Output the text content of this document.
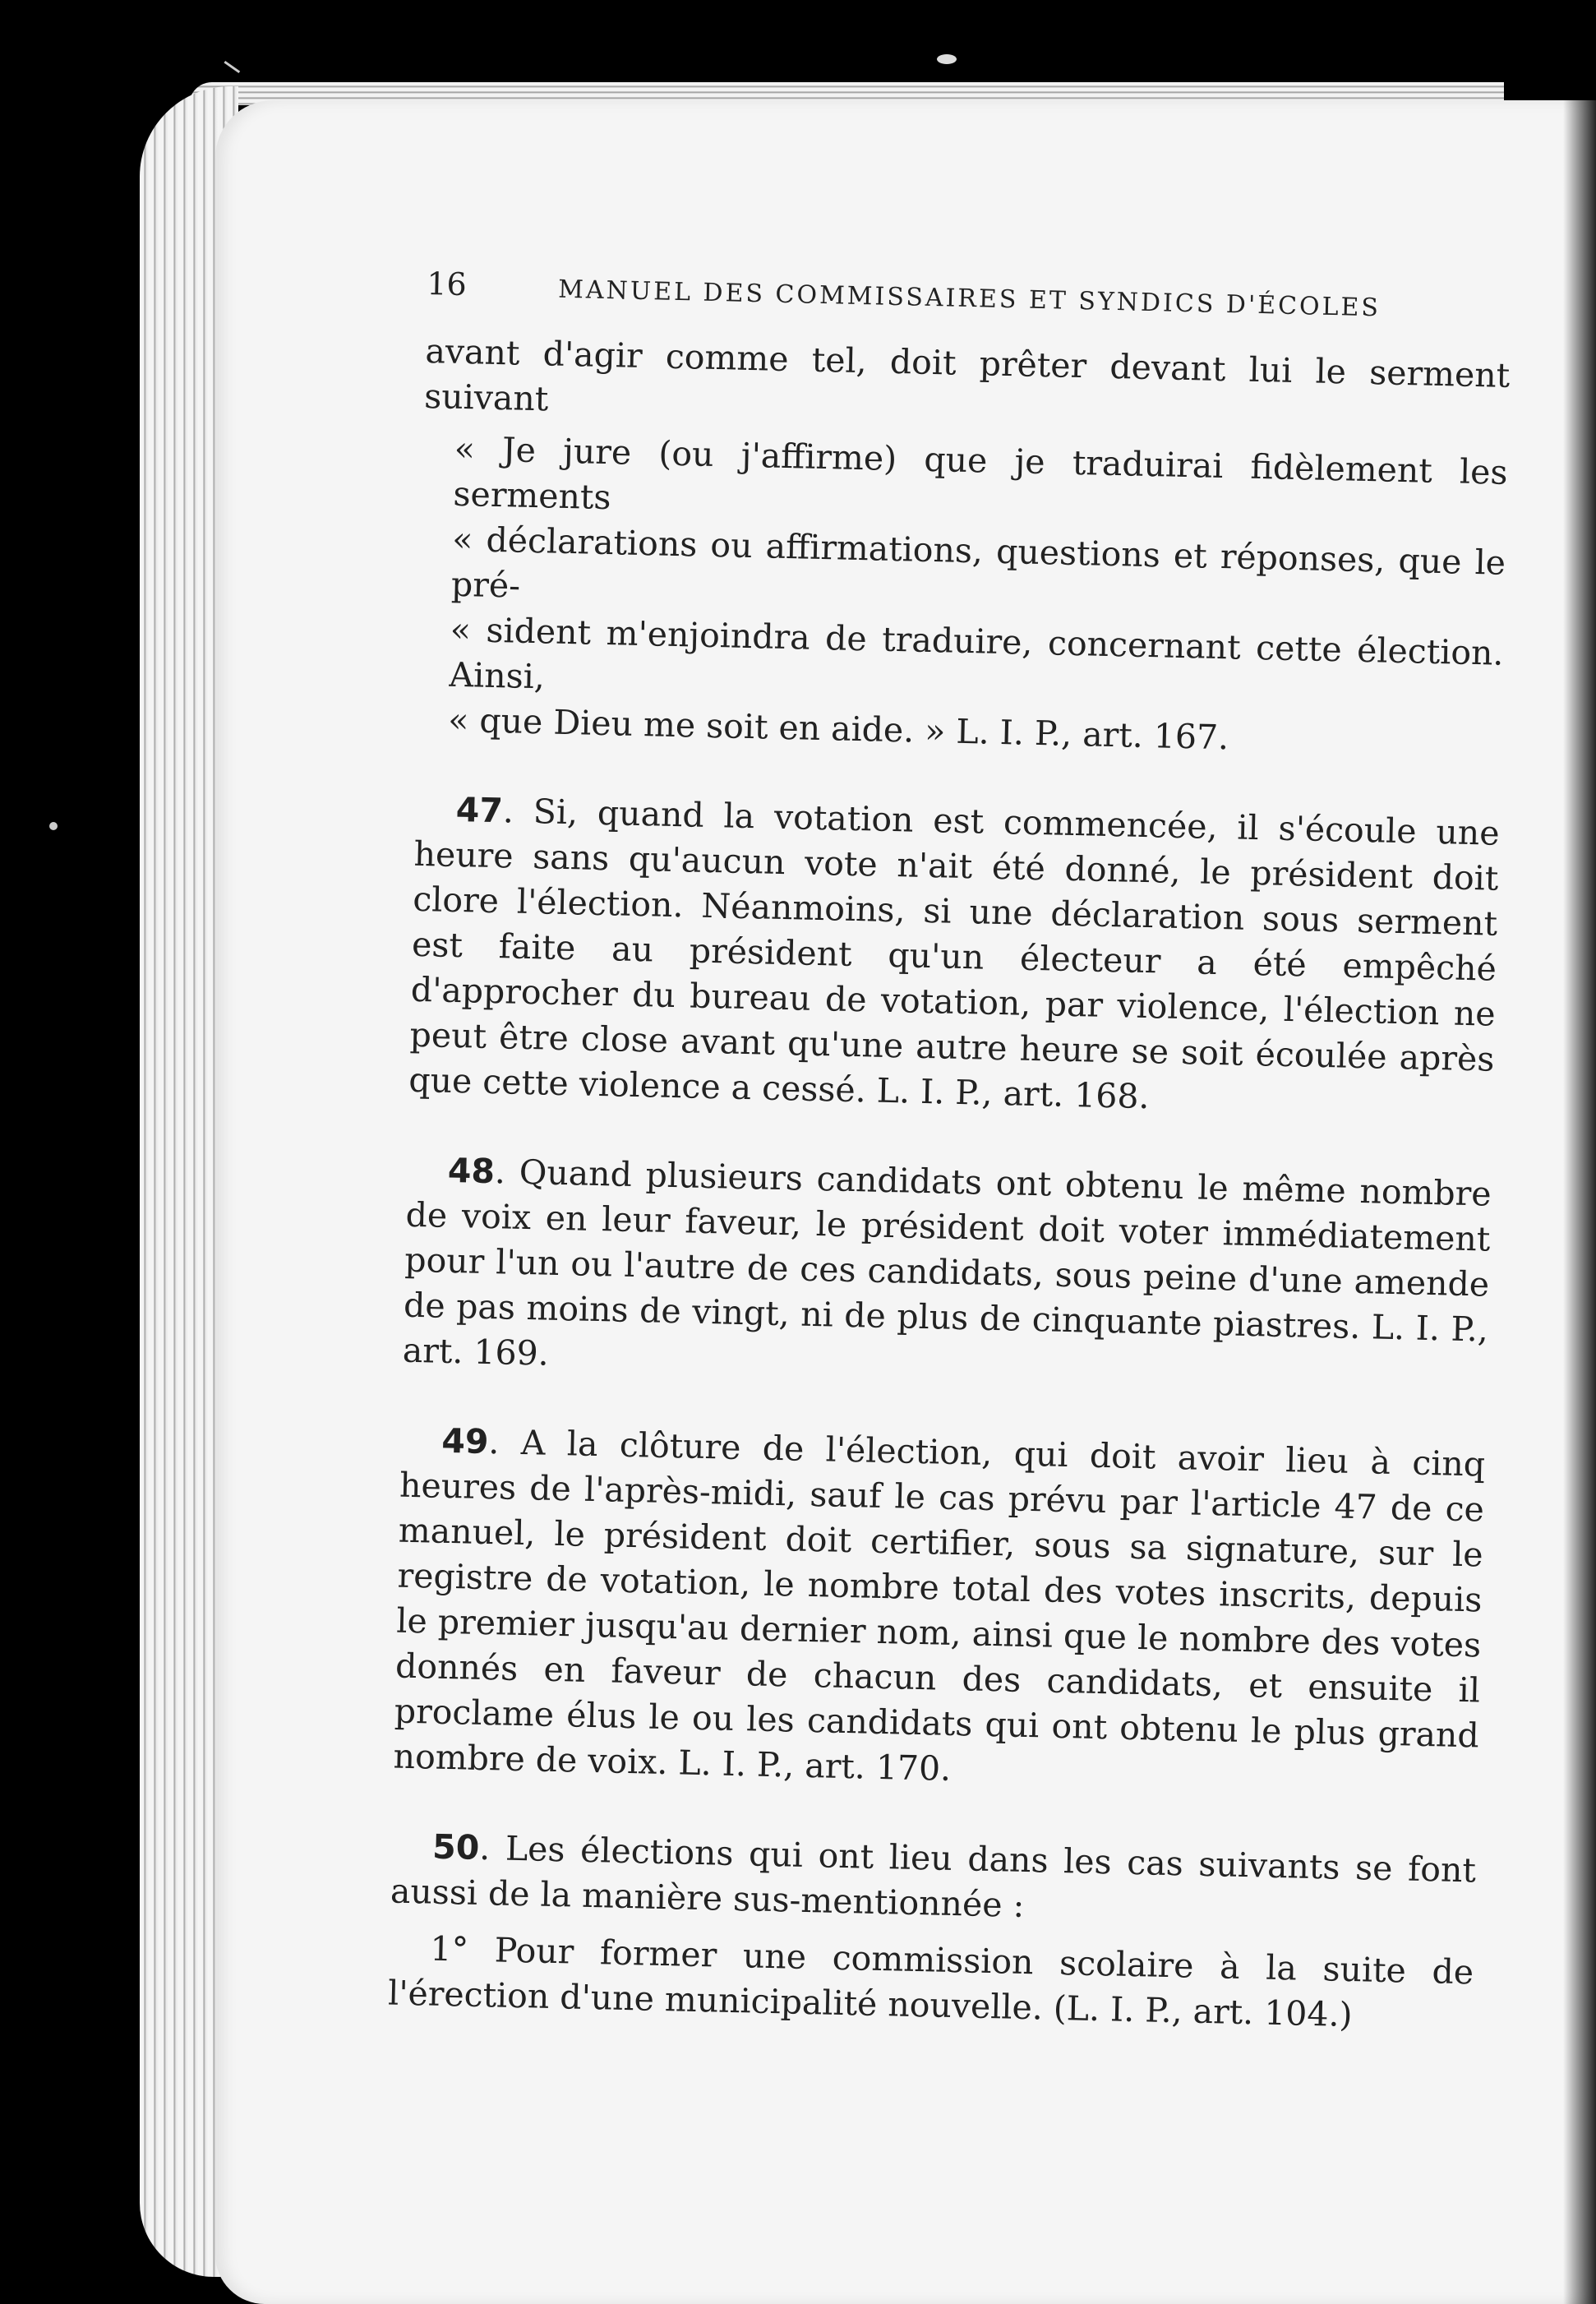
16	MANUEL DES COMMISSAIRES ET SYNDICS D'ÉCOLES

avant d'agir comme tel, doit prêter devant lui le serment suivant

« Je jure (ou j'affirme) que je traduirai fidèlement les serments

« déclarations ou affirmations, questions et réponses, que le pré-

« sident m'enjoindra de traduire, concernant cette élection. Ainsi,

« que Dieu me soit en aide. » L. I. P., art. 167.

47. Si, quand la votation est commencée, il s'écoule une heure sans qu'aucun vote n'ait été donné, le président doit clore l'élection. Néanmoins, si une déclaration sous serment est faite au président qu'un électeur a été empêché d'approcher du bureau de votation, par violence, l'élection ne peut être close avant qu'une autre heure se soit écoulée après que cette violence a cessé. L. I. P., art. 168.

48. Quand plusieurs candidats ont obtenu le même nombre de voix en leur faveur, le président doit voter immédiatement pour l'un ou l'autre de ces candidats, sous peine d'une amende de pas moins de vingt, ni de plus de cinquante piastres. L. I. P., art. 169.

49. A la clôture de l'élection, qui doit avoir lieu à cinq heures de l'après-midi, sauf le cas prévu par l'article 47 de ce manuel, le président doit certifier, sous sa signature, sur le registre de votation, le nombre total des votes inscrits, depuis le premier jusqu'au dernier nom, ainsi que le nombre des votes donnés en faveur de chacun des candidats, et ensuite il proclame élus le ou les candidats qui ont obtenu le plus grand nombre de voix. L. I. P., art. 170.

50. Les élections qui ont lieu dans les cas suivants se font aussi de la manière sus-mentionnée :

1° Pour former une commission scolaire à la suite de l'érection d'une municipalité nouvelle. (L. I. P., art. 104.)
